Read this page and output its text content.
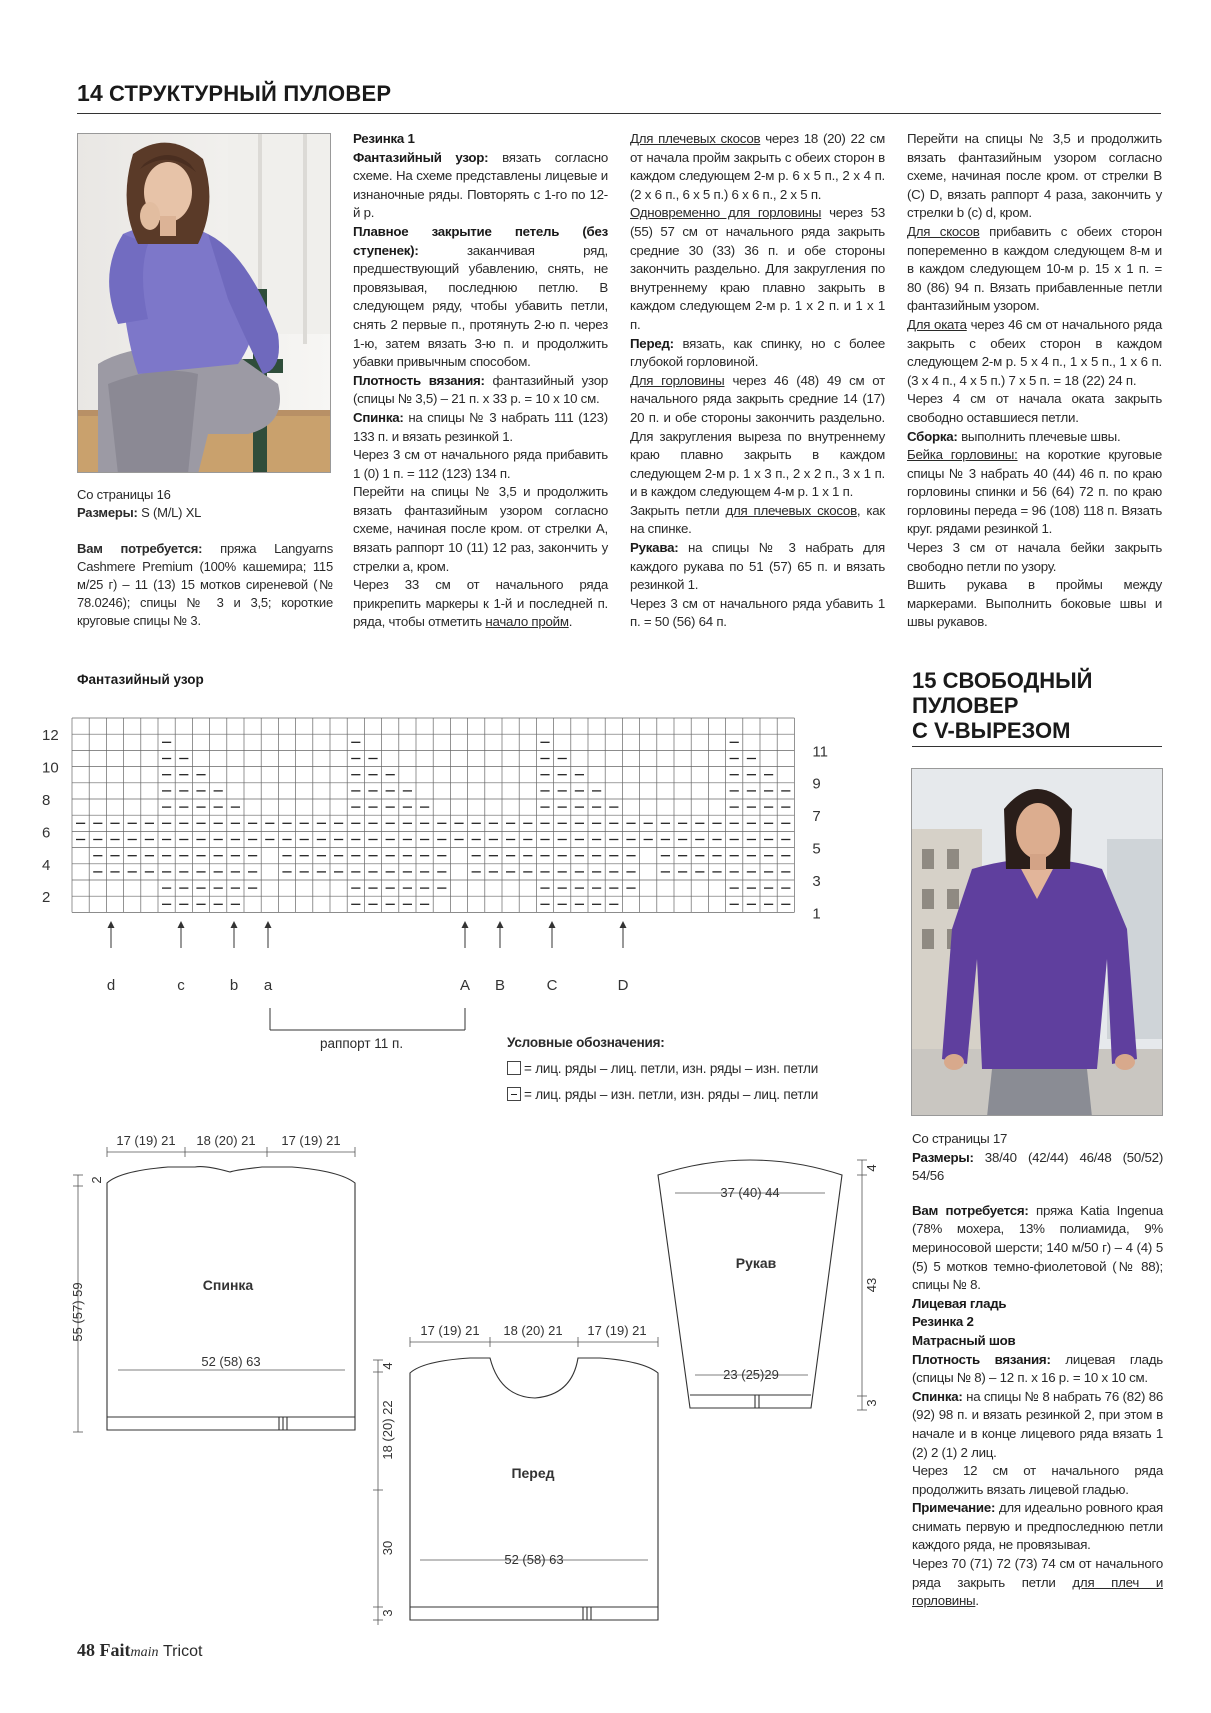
14 СТРУКТУРНЫЙ ПУЛОВЕР

Со страницы 16

Размеры: S (M/L) XL

Вам потребуется: пряжа Langyarns Cashmere Premium (100% кашемира; 115 м/25 г) – 11 (13) 15 мотков сиреневой (№ 78.0246); спицы № 3 и 3,5; короткие круговые спицы № 3.

Резинка 1

Фантазийный узор: вязать согласно схеме. На схеме представлены лицевые и изнаночные ряды. Повторять с 1-го по 12-й р.

Плавное закрытие петель (без ступенек): заканчивая ряд, предшествующий убавлению, снять, не провязывая, последнюю петлю. В следующем ряду, чтобы убавить петли, снять 2 первые п., протянуть 2-ю п. через 1-ю, затем вязать 3-ю п. и продолжить убавки привычным способом.

Плотность вязания: фантазийный узор (спицы № 3,5) – 21 п. х 33 р. = 10 х 10 см.

Спинка: на спицы № 3 набрать 111 (123) 133 п. и вязать резинкой 1.

Через 3 см от начального ряда прибавить 1 (0) 1 п. = 112 (123) 134 п.

Перейти на спицы № 3,5 и продолжить вязать фантазийным узором согласно схеме, начиная после кром. от стрелки А, вязать раппорт 10 (11) 12 раз, закончить у стрелки а, кром.

Через 33 см от начального ряда прикрепить маркеры к 1-й и последней п. ряда, чтобы отметить начало пройм.

Для плечевых скосов через 18 (20) 22 см от начала пройм закрыть с обеих сторон в каждом следующем 2-м р. 6 х 5 п., 2 х 4 п. (2 х 6 п., 6 х 5 п.) 6 х 6 п., 2 х 5 п.

Одновременно для горловины через 53 (55) 57 см от начального ряда закрыть средние 30 (33) 36 п. и обе стороны закончить раздельно. Для закругления по внутреннему краю плавно закрыть в каждом следующем 2-м р. 1 х 2 п. и 1 х 1 п.

Перед: вязать, как спинку, но с более глубокой горловиной.

Для горловины через 46 (48) 49 см от начального ряда закрыть средние 14 (17) 20 п. и обе стороны закончить раздельно. Для закругления выреза по внутреннему краю плавно закрыть в каждом следующем 2-м р. 1 х 3 п., 2 х 2 п., 3 х 1 п. и в каждом следующем 4-м р. 1 х 1 п.

Закрыть петли для плечевых скосов, как на спинке.

Рукава: на спицы № 3 набрать для каждого рукава по 51 (57) 65 п. и вязать резинкой 1.

Через 3 см от начального ряда убавить 1 п. = 50 (56) 64 п.

Перейти на спицы № 3,5 и продолжить вязать фантазийным узором согласно схеме, начиная после кром. от стрелки В (С) D, вязать раппорт 4 раза, закончить у стрелки b (c) d, кром.

Для скосов прибавить с обеих сторон попеременно в каждом следующем 8-м и в каждом следующем 10-м р. 15 х 1 п. = 80 (86) 94 п. Вязать прибавленные петли фантазийным узором.

Для оката через 46 см от начального ряда закрыть с обеих сторон в каждом следующем 2-м р. 5 х 4 п., 1 х 5 п., 1 х 6 п. (3 х 4 п., 4 х 5 п.) 7 х 5 п. = 18 (22) 24 п.

Через 4 см от начала оката закрыть свободно оставшиеся петли.

Сборка: выполнить плечевые швы.

Бейка горловины: на короткие круговые спицы № 3 набрать 40 (44) 46 п. по краю горловины спинки и 56 (64) 72 п. по краю горловины переда = 96 (108) 118 п. Вязать круг. рядами резинкой 1.

Через 3 см от начала бейки закрыть свободно петли по узору.

Вшить рукава в проймы между маркерами. Выполнить боковые швы и швы рукавов.

Фантазийный узор
12
10
8
6
4
2
11
9
7
5
3
1
d	c	b a	A B	C	D
раппорт 11 п.	Условные обозначения:
= лиц. ряды – лиц. петли, изн. ряды – изн. петли
= лиц. ряды – изн. петли, изн. ряды – лиц. петли
17 (19) 21 18 (20) 21 17 (19) 21
Спинка
52 (58) 63
55 (57) 59
2
17 (19) 21 18 (20) 21 17 (19) 21
Перед
52 (58) 63
4
18 (20) 22
30
3
37 (40) 44
Рукав
23 (25)29
4
43
3
15 СВОБОДНЫЙ
ПУЛОВЕР
С V-ВЫРЕЗОМ

Со страницы 17

Размеры: 38/40 (42/44) 46/48 (50/52) 54/56

Вам потребуется: пряжа Katia Ingenua (78% мохера, 13% полиамида, 9% мериносовой шерсти; 140 м/50 г) – 4 (4) 5 (5) 5 мотков темно-фиолетовой (№ 88); спицы № 8.

Лицевая гладь

Резинка 2

Матрасный шов

Плотность вязания: лицевая гладь (спицы № 8) – 12 п. х 16 р. = 10 х 10 см.

Спинка: на спицы № 8 набрать 76 (82) 86 (92) 98 п. и вязать резинкой 2, при этом в начале и в конце лицевого ряда вязать 1 (2) 2 (1) 2 лиц.

Через 12 см от начального ряда продолжить вязать лицевой гладью.

Примечание: для идеально ровного края снимать первую и предпоследнюю петли каждого ряда, не провязывая.

Через 70 (71) 72 (73) 74 см от начального ряда закрыть петли для плеч и горловины.

48 Faitmain Tricot
